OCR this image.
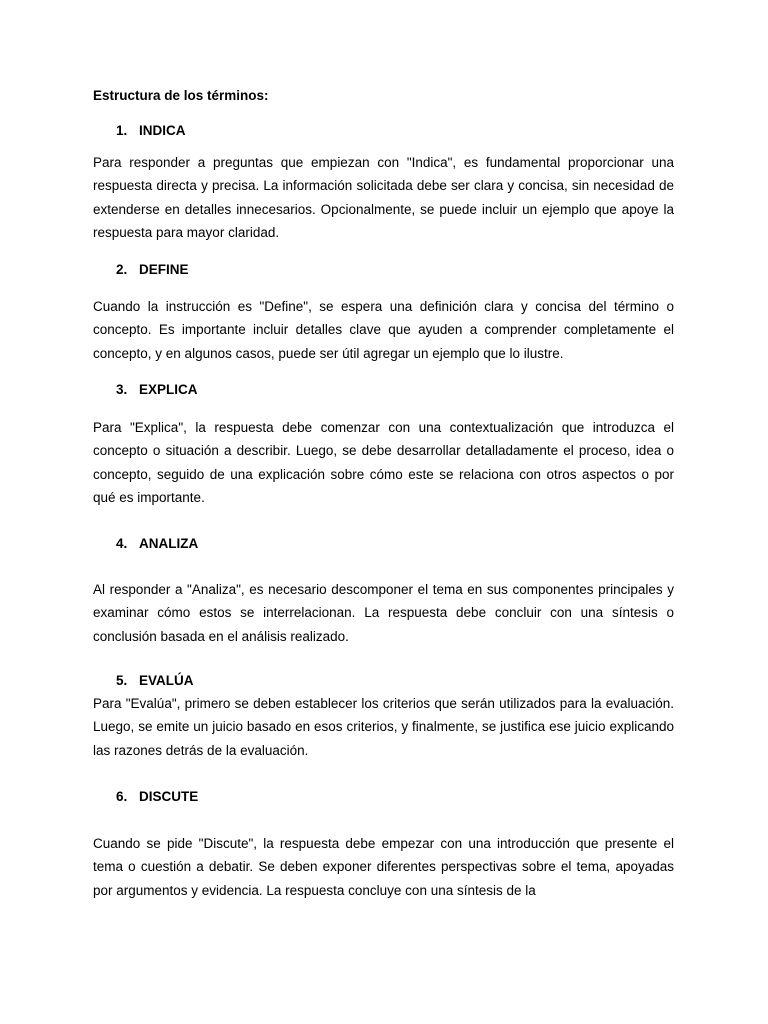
Estructura de los términos:
1. INDICA
Para responder a preguntas que empiezan con "Indica", es fundamental proporcionar una respuesta directa y precisa. La información solicitada debe ser clara y concisa, sin necesidad de extenderse en detalles innecesarios. Opcionalmente, se puede incluir un ejemplo que apoye la respuesta para mayor claridad.
2. DEFINE
Cuando la instrucción es "Define", se espera una definición clara y concisa del término o concepto. Es importante incluir detalles clave que ayuden a comprender completamente el concepto, y en algunos casos, puede ser útil agregar un ejemplo que lo ilustre.
3. EXPLICA
Para "Explica", la respuesta debe comenzar con una contextualización que introduzca el concepto o situación a describir. Luego, se debe desarrollar detalladamente el proceso, idea o concepto, seguido de una explicación sobre cómo este se relaciona con otros aspectos o por qué es importante.
4. ANALIZA
Al responder a "Analiza", es necesario descomponer el tema en sus componentes principales y examinar cómo estos se interrelacionan. La respuesta debe concluir con una síntesis o conclusión basada en el análisis realizado.
5. EVALÚA
Para "Evalúa", primero se deben establecer los criterios que serán utilizados para la evaluación. Luego, se emite un juicio basado en esos criterios, y finalmente, se justifica ese juicio explicando las razones detrás de la evaluación.
6. DISCUTE
Cuando se pide "Discute", la respuesta debe empezar con una introducción que presente el tema o cuestión a debatir. Se deben exponer diferentes perspectivas sobre el tema, apoyadas por argumentos y evidencia. La respuesta concluye con una síntesis de la
